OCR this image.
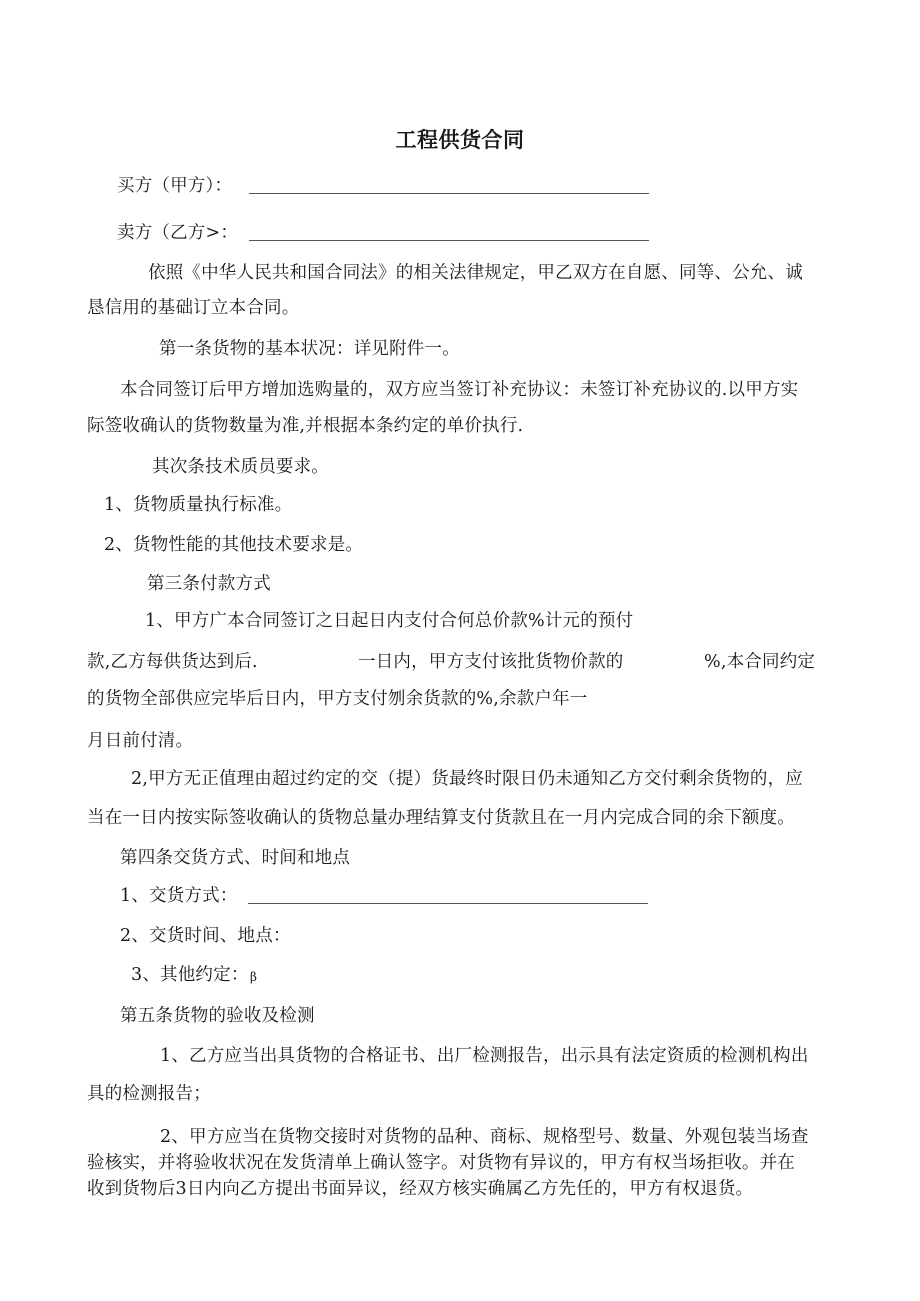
工程供货合同
买方（甲方）：
卖方（乙方>：
依照《中华人民共和国合同法》的相关法律规定，甲乙双方在自愿、同等、公允、诚
恳信用的基础订立本合同。
第一条货物的基本状况：详见附件一。
本合同签订后甲方增加选购量的，双方应当签订补充协议：未签订补充协议的.以甲方实
际签收确认的货物数量为准,并根据本条约定的单价执行.
其次条技术质员要求。
1、货物质量执行标准。
2、货物性能的其他技术要求是。
第三条付款方式
1、甲方广本合同签订之日起日内支付合何总价款%计元的预付
款,乙方每供货达到后.	一日内，甲方支付该批货物价款的	%,本合同约定
的货物全部供应完毕后日内，甲方支付刎余货款的%,余款户年一
月日前付清。
2,甲方无正值理由超过约定的交（提）货最终时限日仍未通知乙方交付剩余货物的，应
当在一日内按实际签收确认的货物总量办理结算支付货款且在一月内完成合同的余下额度。
第四条交货方式、时间和地点
1、交货方式：
2、交货时间、地点：
3、其他约定： β
第五条货物的验收及检测
1、乙方应当出具货物的合格证书、出厂检测报告，出示具有法定资质的检测机构出
具的检测报告；
2、甲方应当在货物交接时对货物的品种、商标、规格型号、数量、外观包装当场查
验核实，并将验收状况在发货清单上确认签字。对货物有异议的，甲方有权当场拒收。并在
收到货物后3日内向乙方提出书面异议，经双方核实确属乙方先任的，甲方有权退货。
